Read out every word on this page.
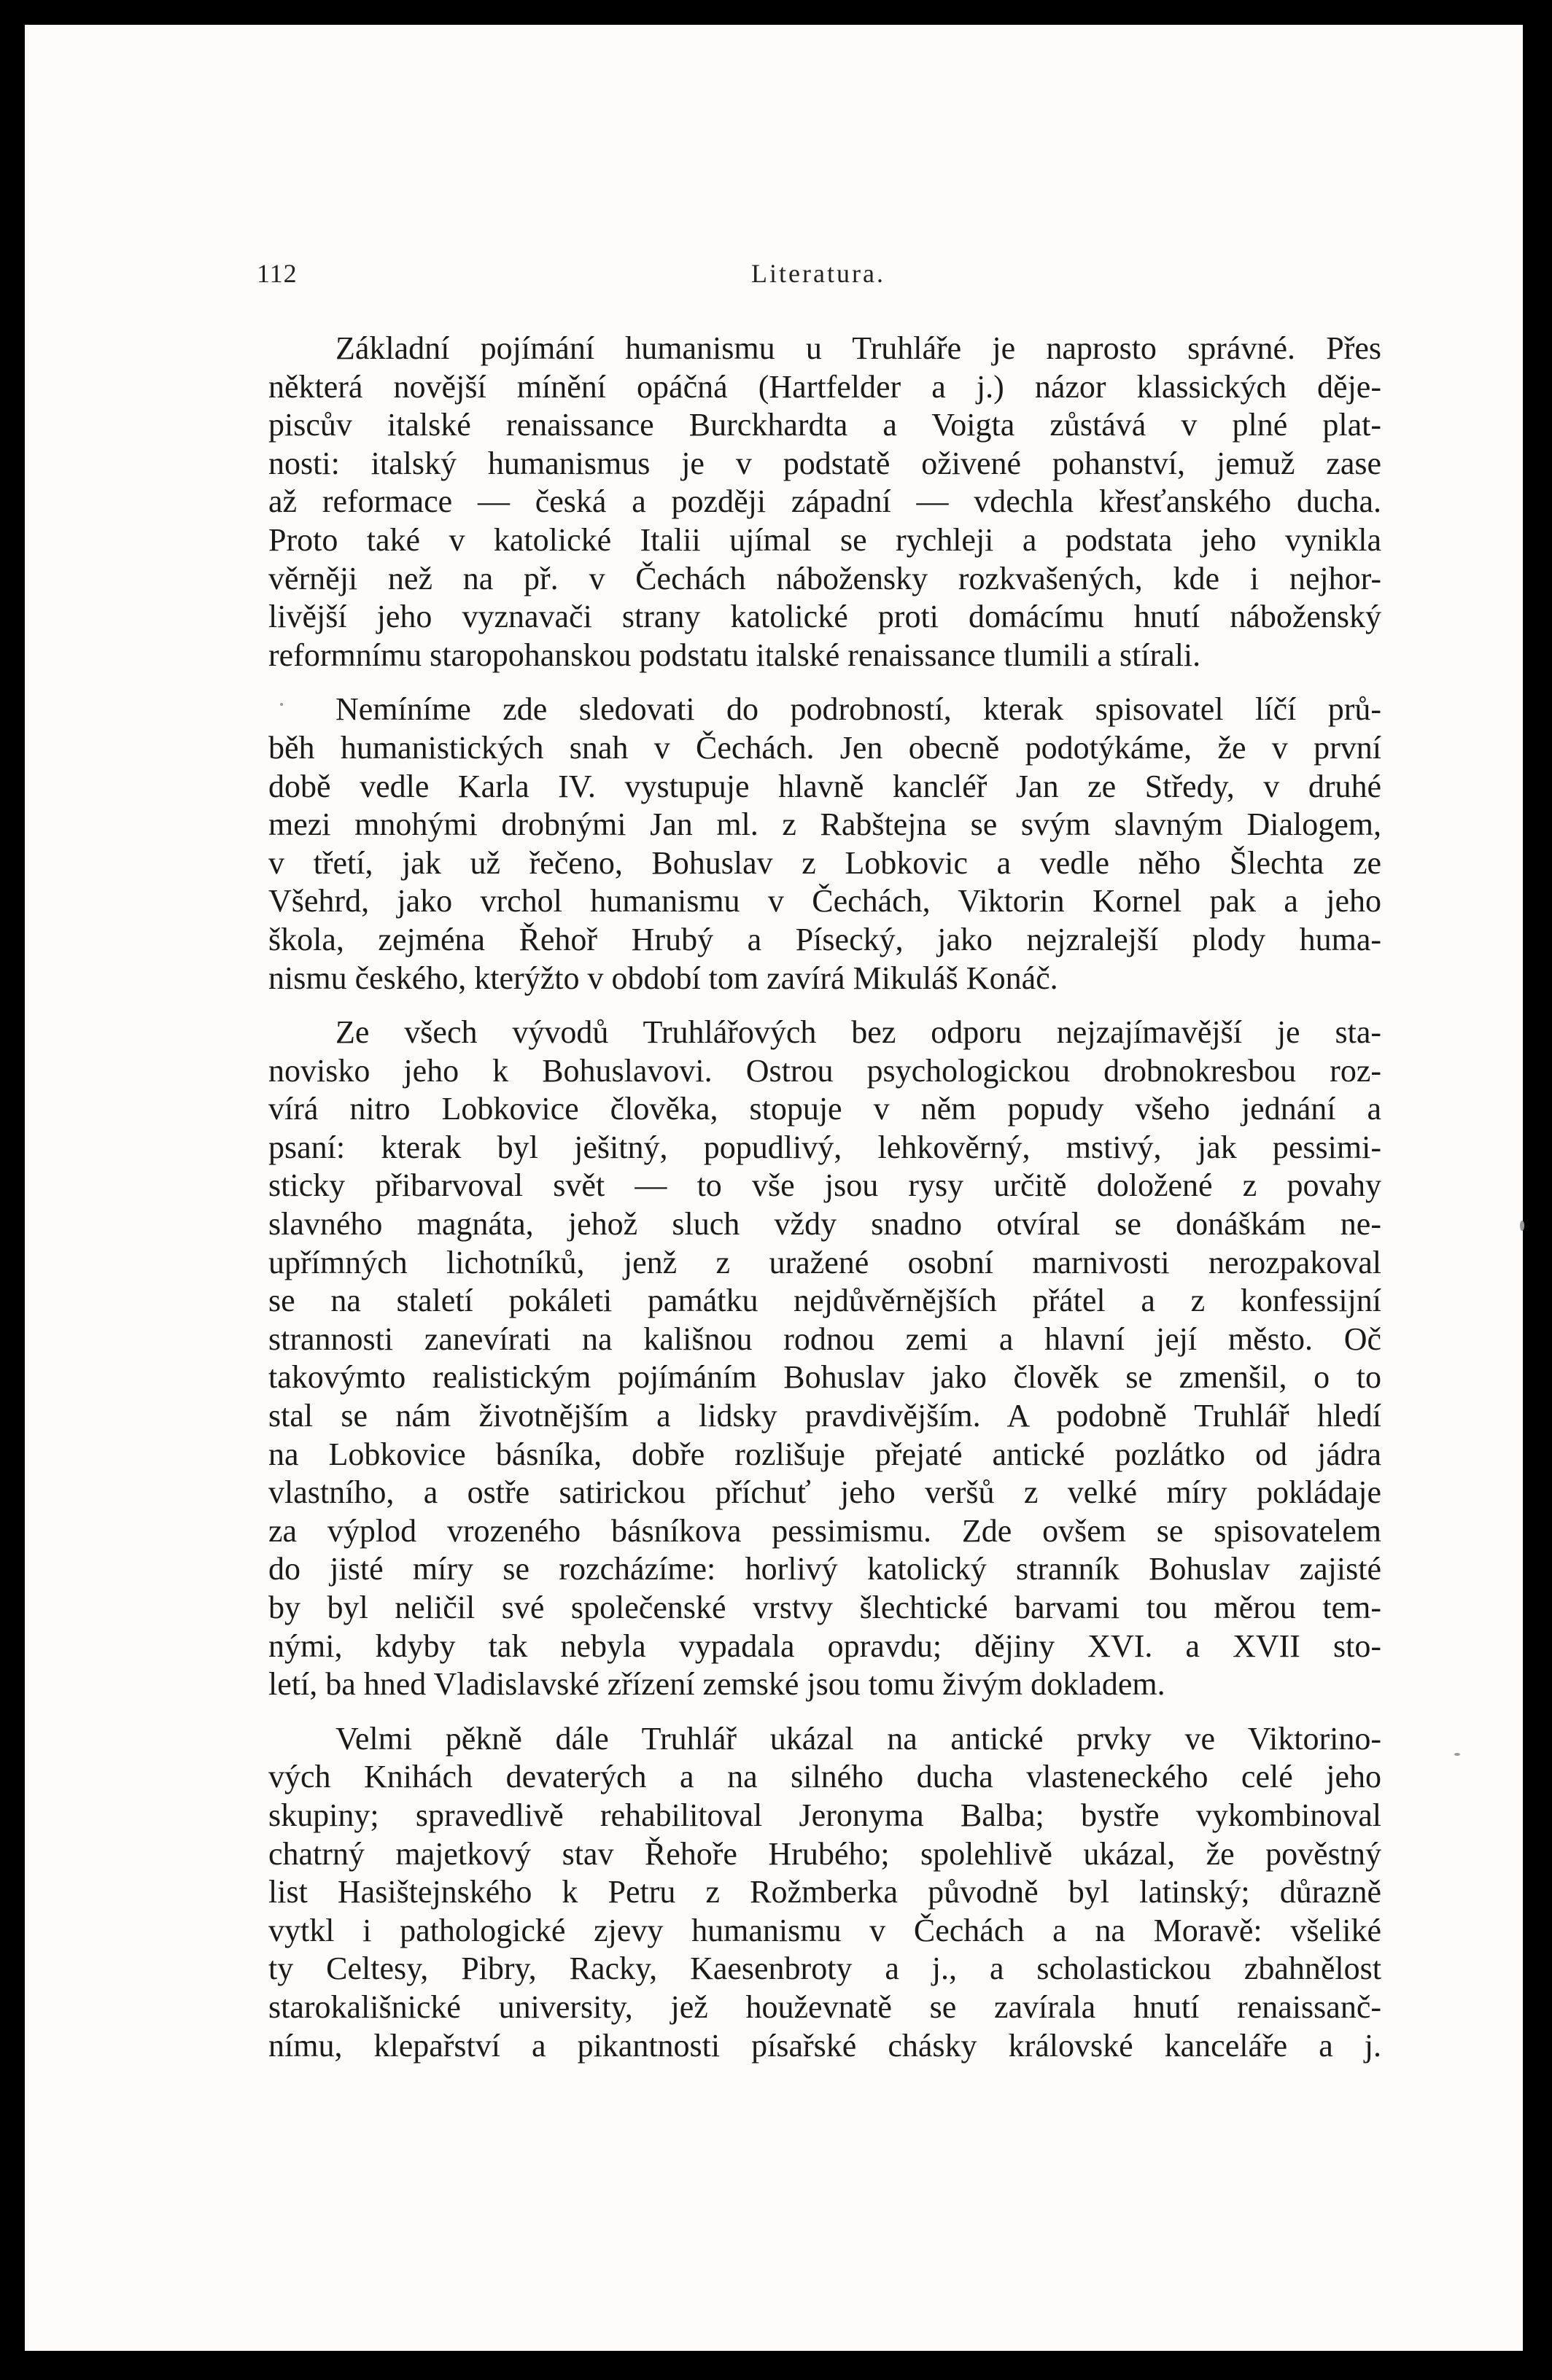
112	Literatura.
Základní pojímání humanismu u Truhláře je naprosto správné. Přes
některá novější mínění opáčná (Hartfelder a j.) názor klassických děje-
piscův italské renaissance Burckhardta a Voigta zůstává v plné plat-
nosti: italský humanismus je v podstatě oživené pohanství, jemuž zase
až reformace — česká a později západní — vdechla křesťanského ducha.
Proto také v katolické Italii ujímal se rychleji a podstata jeho vynikla
věrněji než na př. v Čechách nábožensky rozkvašených, kde i nejhor-
livější jeho vyznavači strany katolické proti domácímu hnutí náboženský
reformnímu staropohanskou podstatu italské renaissance tlumili a stírali.
Nemíníme zde sledovati do podrobností, kterak spisovatel líčí prů-
běh humanistických snah v Čechách. Jen obecně podotýkáme, že v první
době vedle Karla IV. vystupuje hlavně kancléř Jan ze Středy, v druhé
mezi mnohými drobnými Jan ml. z Rabštejna se svým slavným Dialogem,
v třetí, jak už řečeno, Bohuslav z Lobkovic a vedle něho Šlechta ze
Všehrd, jako vrchol humanismu v Čechách, Viktorin Kornel pak a jeho
škola, zejména Řehoř Hrubý a Písecký, jako nejzralejší plody huma-
nismu českého, kterýžto v období tom zavírá Mikuláš Konáč.
Ze všech vývodů Truhlářových bez odporu nejzajímavější je sta-
novisko jeho k Bohuslavovi. Ostrou psychologickou drobnokresbou roz-
vírá nitro Lobkovice člověka, stopuje v něm popudy všeho jednání a
psaní: kterak byl ješitný, popudlivý, lehkověrný, mstivý, jak pessimi-
sticky přibarvoval svět — to vše jsou rysy určitě doložené z povahy
slavného magnáta, jehož sluch vždy snadno otvíral se donáškám ne-
upřímných lichotníků, jenž z uražené osobní marnivosti nerozpakoval
se na staletí pokáleti památku nejdůvěrnějších přátel a z konfessijní
strannosti zanevírati na kališnou rodnou zemi a hlavní její město. Oč
takovýmto realistickým pojímáním Bohuslav jako člověk se zmenšil, o to
stal se nám životnějším a lidsky pravdivějším. A podobně Truhlář hledí
na Lobkovice básníka, dobře rozlišuje přejaté antické pozlátko od jádra
vlastního, a ostře satirickou příchuť jeho veršů z velké míry pokládaje
za výplod vrozeného básníkova pessimismu. Zde ovšem se spisovatelem
do jisté míry se rozcházíme: horlivý katolický stranník Bohuslav zajisté
by byl neličil své společenské vrstvy šlechtické barvami tou měrou tem-
nými, kdyby tak nebyla vypadala opravdu; dějiny XVI. a XVII sto-
letí, ba hned Vladislavské zřízení zemské jsou tomu živým dokladem.
Velmi pěkně dále Truhlář ukázal na antické prvky ve Viktorino-
vých Knihách devaterých a na silného ducha vlasteneckého celé jeho
skupiny; spravedlivě rehabilitoval Jeronyma Balba; bystře vykombinoval
chatrný majetkový stav Řehoře Hrubého; spolehlivě ukázal, že pověstný
list Hasištejnského k Petru z Rožmberka původně byl latinský; důrazně
vytkl i pathologické zjevy humanismu v Čechách a na Moravě: všeliké
ty Celtesy, Pibry, Racky, Kaesenbroty a j., a scholastickou zbahnělost
starokališnické university, jež houževnatě se zavírala hnutí renaissanč-
nímu, klepařství a pikantnosti písařské chásky královské kanceláře a j.
